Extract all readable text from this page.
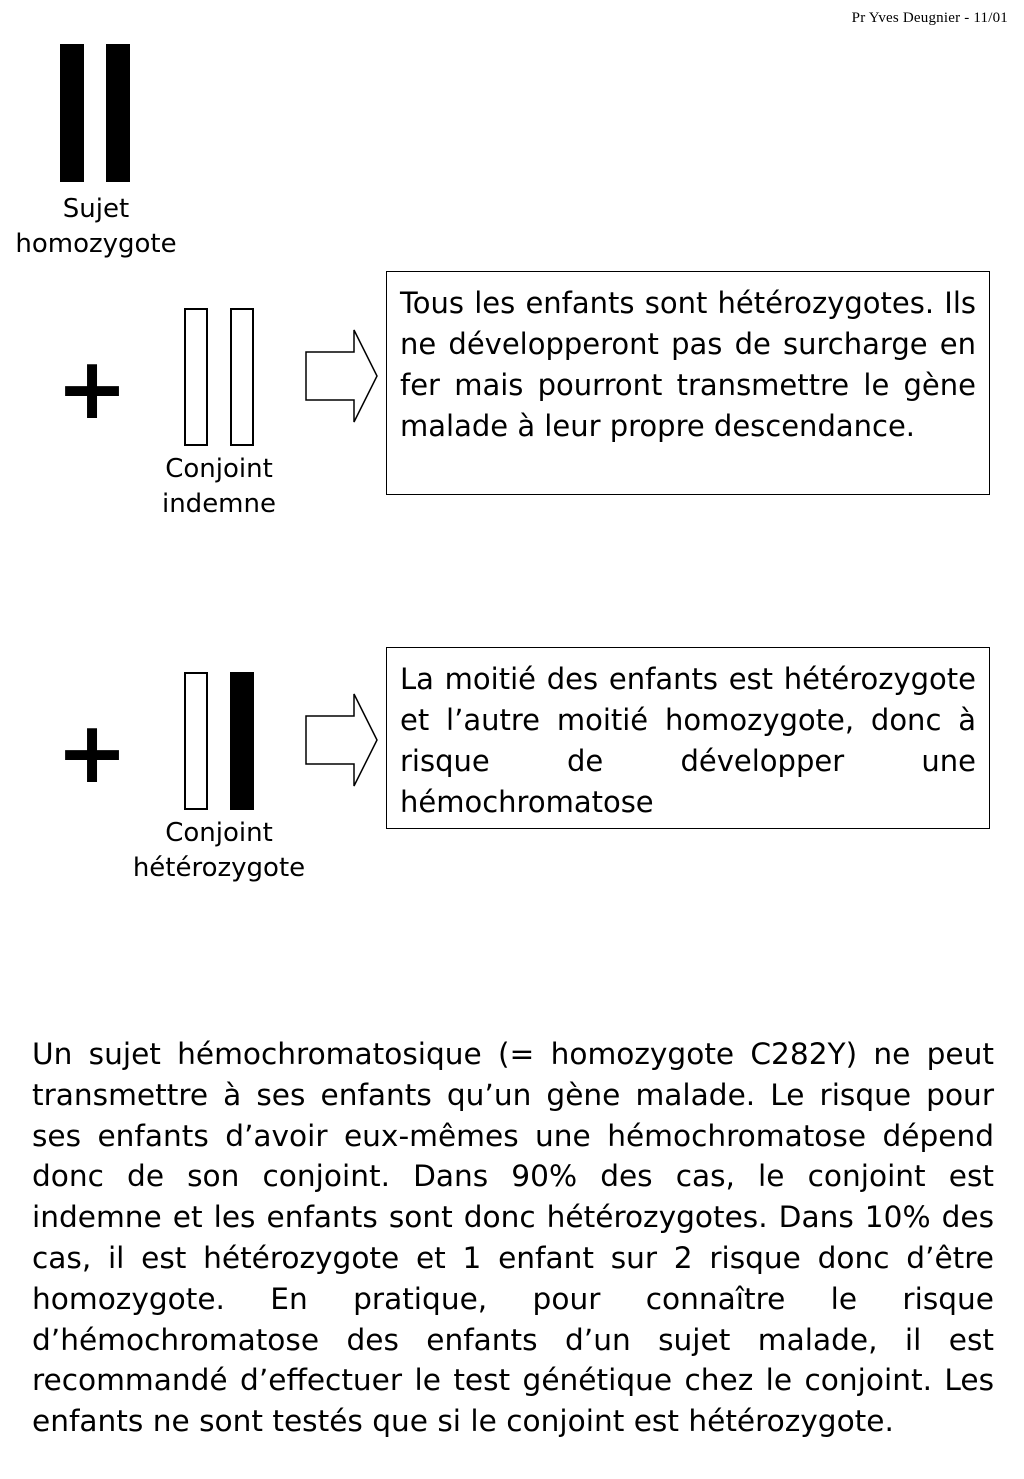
Pr Yves Deugnier - 11/01
Sujet
homozygote
+
Conjoint
indemne
Tous les enfants sont hétérozygotes. Ils ne développeront pas de surcharge en fer mais pourront transmettre le gène malade à leur propre descendance.
+
Conjoint
hétérozygote
La moitié des enfants est hétérozygote et l’autre moitié homozygote, donc à risque de développer une hémochromatose
Un sujet hémochromatosique (= homozygote C282Y) ne peut transmettre à ses enfants qu’un gène malade. Le risque pour ses enfants d’avoir eux-mêmes une hémochromatose dépend donc de son conjoint. Dans 90% des cas, le conjoint est indemne et les enfants sont donc hétérozygotes. Dans 10% des cas, il est hétérozygote et 1 enfant sur 2 risque donc d’être homozygote. En pratique, pour connaître le risque d’hémochromatose des enfants d’un sujet malade, il est recommandé d’effectuer le test génétique chez le conjoint. Les enfants ne sont testés que si le conjoint est hétérozygote.
